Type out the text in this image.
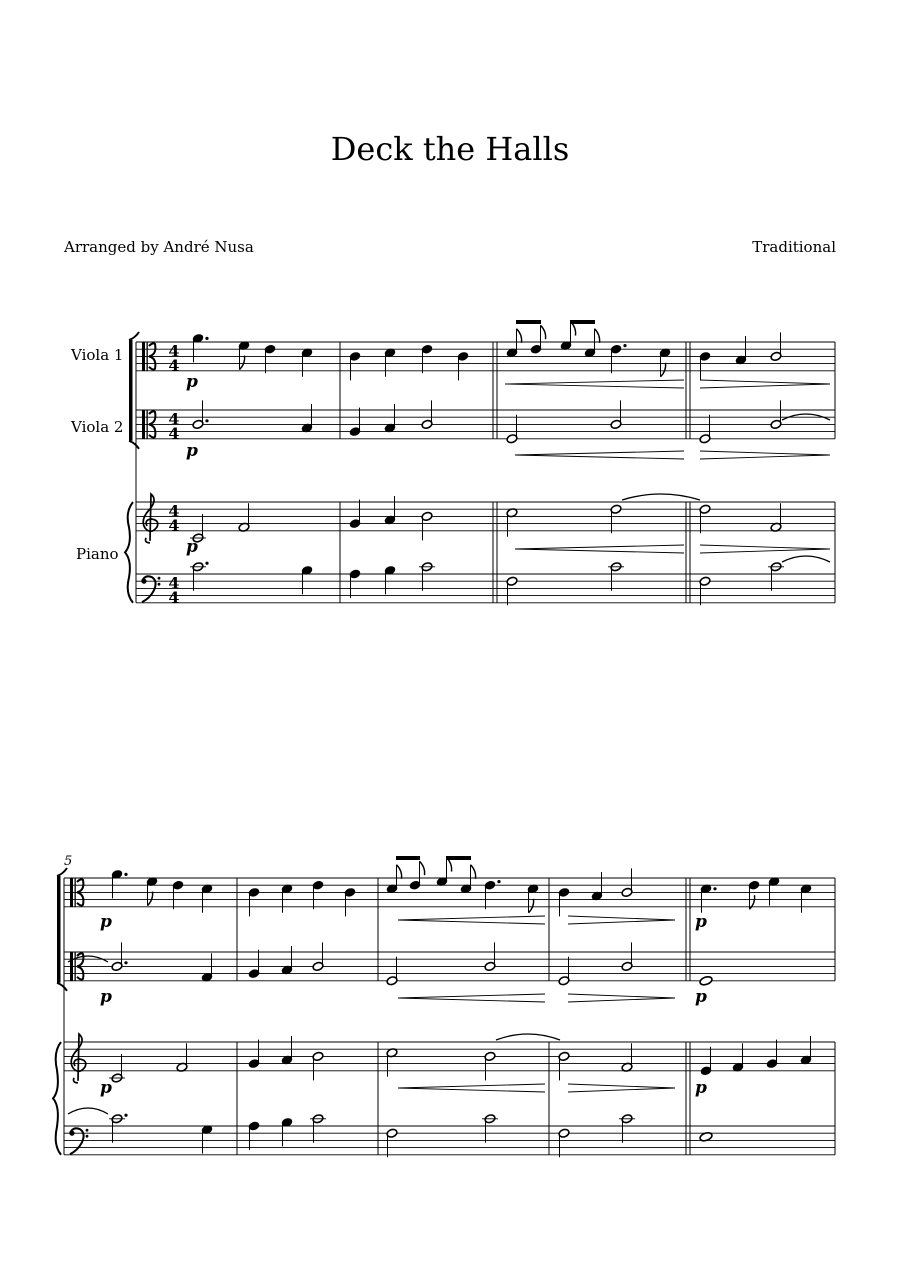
Deck the Halls
Arranged by André Nusa	Traditional
Viola 1
Viola 2
Piano
4
4
4
4
4
4
4
4
p
p
p
5
p	p
p	p
p	p
